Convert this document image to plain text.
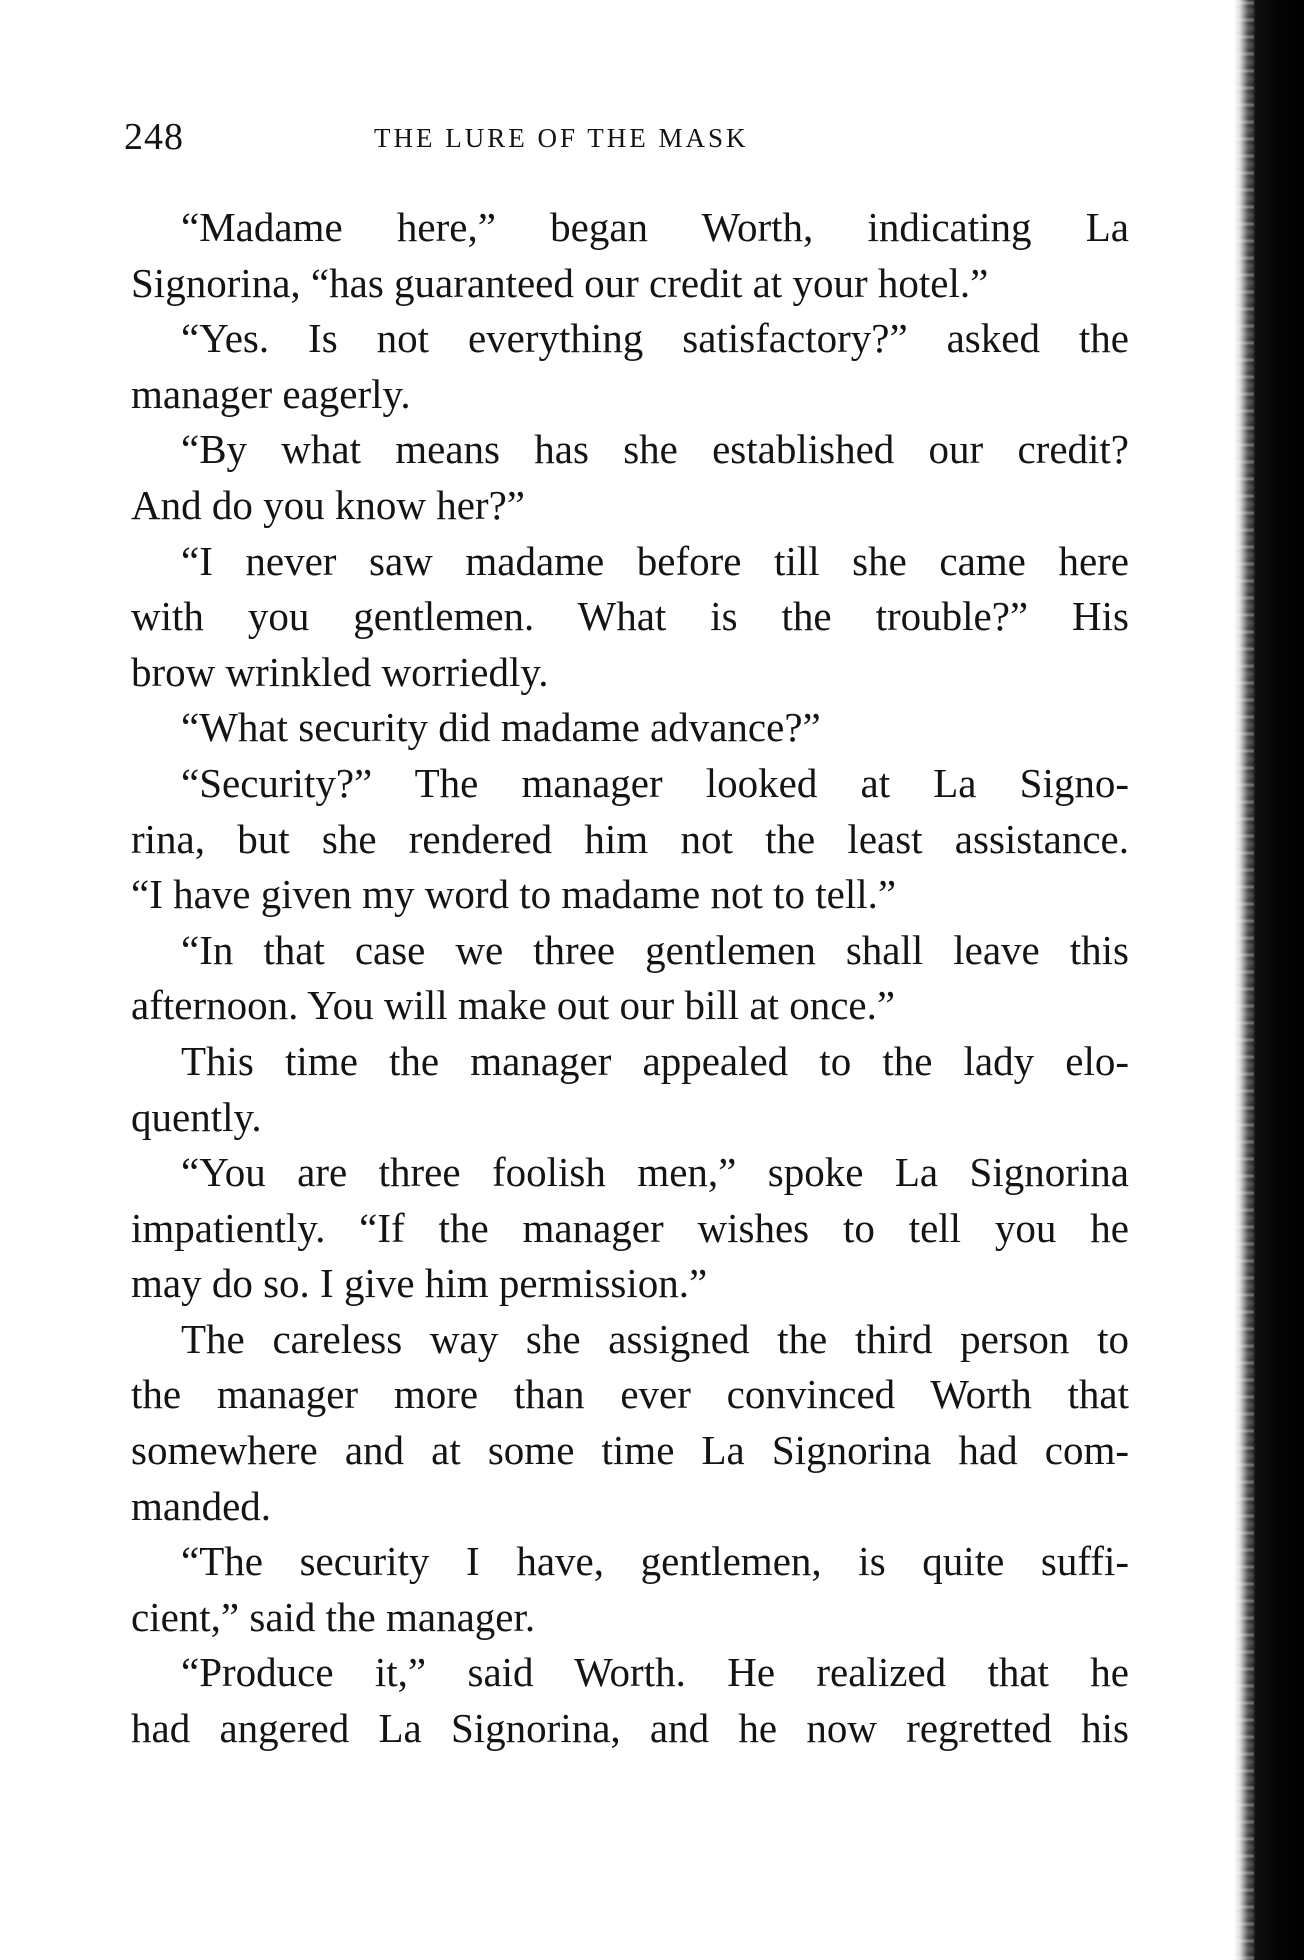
248	THE LURE OF THE MASK
“Madame here,” began Worth, indicating La
Signorina, “has guaranteed our credit at your hotel.”
“Yes. Is not everything satisfactory?” asked the
manager eagerly.
“By what means has she established our credit?
And do you know her?”
“I never saw madame before till she came here
with you gentlemen. What is the trouble?” His
brow wrinkled worriedly.
“What security did madame advance?”
“Security?” The manager looked at La Signo-
rina, but she rendered him not the least assistance.
“I have given my word to madame not to tell.”
“In that case we three gentlemen shall leave this
afternoon. You will make out our bill at once.”
This time the manager appealed to the lady elo-
quently.
“You are three foolish men,” spoke La Signorina
impatiently. “If the manager wishes to tell you he
may do so. I give him permission.”
The careless way she assigned the third person to
the manager more than ever convinced Worth that
somewhere and at some time La Signorina had com-
manded.
“The security I have, gentlemen, is quite suffi-
cient,” said the manager.
“Produce it,” said Worth. He realized that he
had angered La Signorina, and he now regretted his
